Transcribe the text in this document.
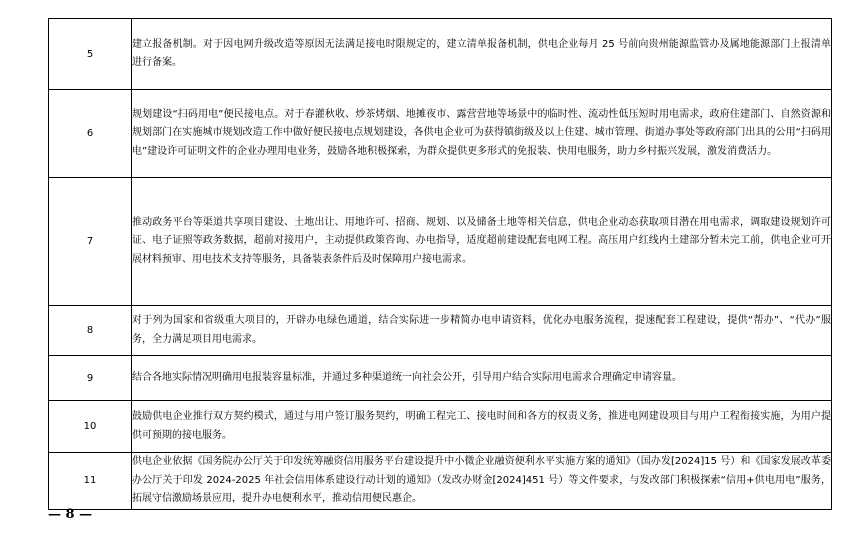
5	建立报备机制。对于因电网升级改造等原因无法满足接电时限规定的，建立清单报备机制，供电企业每月 25 号前向贵州能源监管办及属地能源部门上报清单进行备案。
6	规划建设“扫码用电”便民接电点。对于春灌秋收、炒茶烤烟、地摊夜市、露营营地等场景中的临时性、流动性低压短时用电需求，政府住建部门、自然资源和规划部门在实施城市规划改造工作中做好便民接电点规划建设，各供电企业可为获得镇街级及以上住建、城市管理、街道办事处等政府部门出具的公用“扫码用电”建设许可证明文件的企业办理用电业务，鼓励各地积极探索，为群众提供更多形式的免报装、快用电服务，助力乡村振兴发展，激发消费活力。
7	推动政务平台等渠道共享项目建设、土地出让、用地许可、招商、规划、以及储备土地等相关信息，供电企业动态获取项目潜在用电需求，调取建设规划许可证、电子证照等政务数据，超前对接用户，主动提供政策咨询、办电指导，适度超前建设配套电网工程。高压用户红线内土建部分暂未完工前，供电企业可开展材料预审、用电技术支持等服务，具备装表条件后及时保障用户接电需求。
8	对于列为国家和省级重大项目的，开辟办电绿色通道，结合实际进一步精简办电申请资料，优化办电服务流程，提速配套工程建设，提供“帮办”、“代办”服务，全力满足项目用电需求。
9	结合各地实际情况明确用电报装容量标准，并通过多种渠道统一向社会公开，引导用户结合实际用电需求合理确定申请容量。
10	鼓励供电企业推行双方契约模式，通过与用户签订服务契约，明确工程完工、接电时间和各方的权责义务，推进电网建设项目与用户工程衔接实施，为用户提供可预期的接电服务。
11	供电企业依据《国务院办公厅关于印发统筹融资信用服务平台建设提升中小微企业融资便利水平实施方案的通知》（国办发[2024]15 号）和《国家发展改革委办公厅关于印发 2024-2025 年社会信用体系建设行动计划的通知》（发改办财金[2024]451 号）等文件要求，与发改部门积极探索“信用+供电用电”服务，拓展守信激励场景应用，提升办电便利水平，推动信用便民惠企。
— 8 —
